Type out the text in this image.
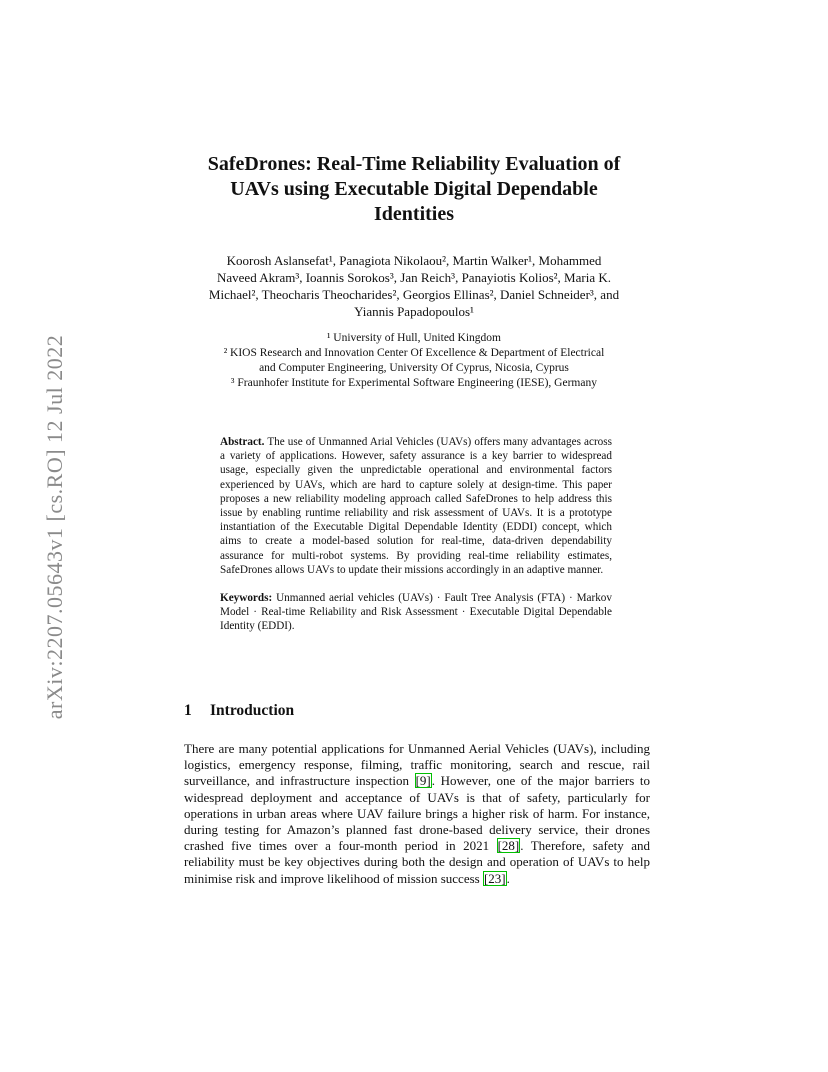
arXiv:2207.05643v1 [cs.RO] 12 Jul 2022
SafeDrones: Real-Time Reliability Evaluation of
UAVs using Executable Digital Dependable
Identities
Koorosh Aslansefat¹, Panagiota Nikolaou², Martin Walker¹, Mohammed
Naveed Akram³, Ioannis Sorokos³, Jan Reich³, Panayiotis Kolios², Maria K.
Michael², Theocharis Theocharides², Georgios Ellinas², Daniel Schneider³, and
Yiannis Papadopoulos¹
¹ University of Hull, United Kingdom
² KIOS Research and Innovation Center Of Excellence & Department of Electrical
and Computer Engineering, University Of Cyprus, Nicosia, Cyprus
³ Fraunhofer Institute for Experimental Software Engineering (IESE), Germany

Abstract. The use of Unmanned Arial Vehicles (UAVs) offers many advantages across a variety of applications. However, safety assurance is a key barrier to widespread usage, especially given the unpredictable operational and environmental factors experienced by UAVs, which are hard to capture solely at design-time. This paper proposes a new reliability modeling approach called SafeDrones to help address this issue by enabling runtime reliability and risk assessment of UAVs. It is a prototype instantiation of the Executable Digital Dependable Identity (EDDI) concept, which aims to create a model-based solution for real-time, data-driven dependability assurance for multi-robot systems. By providing real-time reliability estimates, SafeDrones allows UAVs to update their missions accordingly in an adaptive manner.

Keywords: Unmanned aerial vehicles (UAVs) · Fault Tree Analysis (FTA) · Markov Model · Real-time Reliability and Risk Assessment · Executable Digital Dependable Identity (EDDI).

1 Introduction

There are many potential applications for Unmanned Aerial Vehicles (UAVs), including logistics, emergency response, filming, traffic monitoring, search and rescue, rail surveillance, and infrastructure inspection [9]. However, one of the major barriers to widespread deployment and acceptance of UAVs is that of safety, particularly for operations in urban areas where UAV failure brings a higher risk of harm. For instance, during testing for Amazon’s planned fast drone-based delivery service, their drones crashed five times over a four-month period in 2021 [28]. Therefore, safety and reliability must be key objectives during both the design and operation of UAVs to help minimise risk and improve likelihood of mission success [23].
